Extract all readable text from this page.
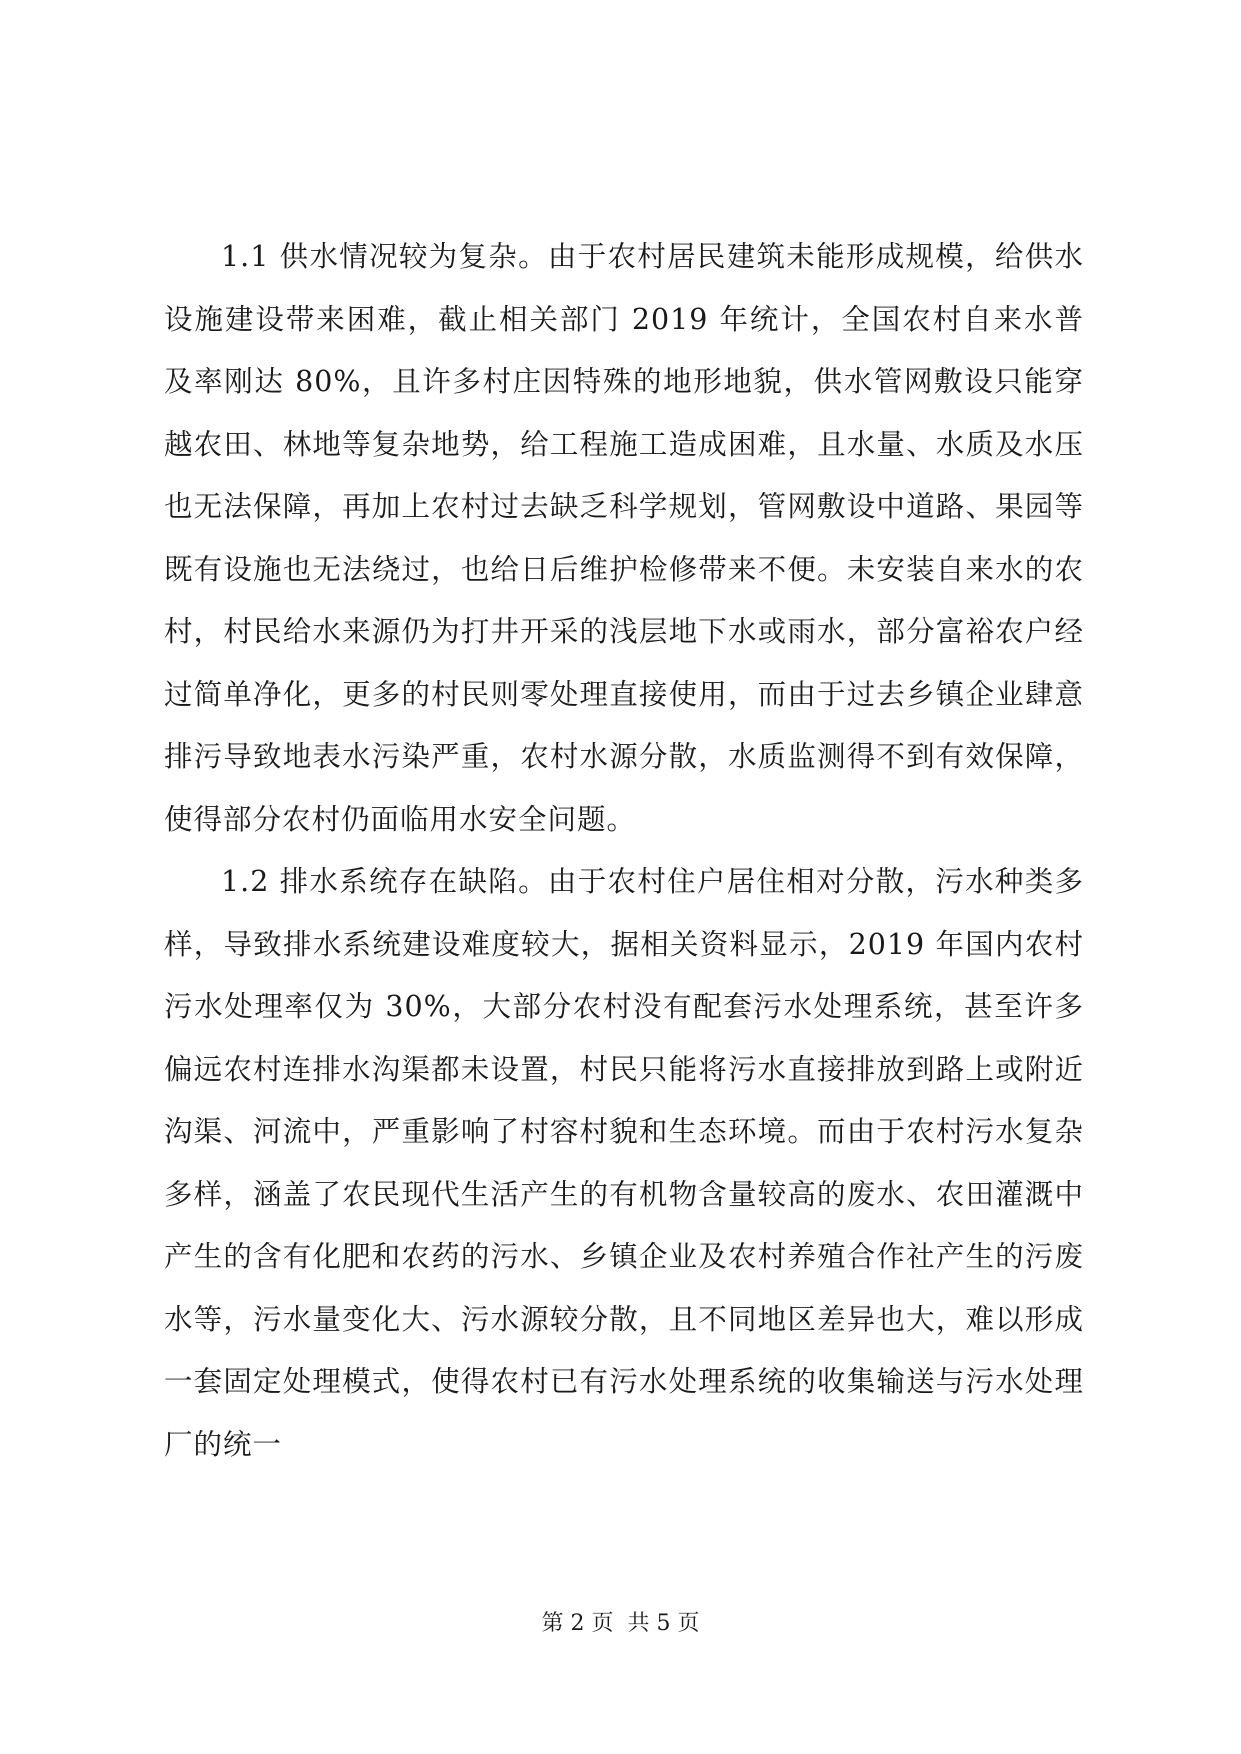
1.1 供水情况较为复杂。由于农村居民建筑未能形成规模，给供水设施建设带来困难，截止相关部门 2019 年统计，全国农村自来水普及率刚达 80%，且许多村庄因特殊的地形地貌，供水管网敷设只能穿越农田、林地等复杂地势，给工程施工造成困难，且水量、水质及水压也无法保障，再加上农村过去缺乏科学规划，管网敷设中道路、果园等既有设施也无法绕过，也给日后维护检修带来不便。未安装自来水的农村，村民给水来源仍为打井开采的浅层地下水或雨水，部分富裕农户经过简单净化，更多的村民则零处理直接使用，而由于过去乡镇企业肆意排污导致地表水污染严重，农村水源分散，水质监测得不到有效保障，使得部分农村仍面临用水安全问题。

1.2 排水系统存在缺陷。由于农村住户居住相对分散，污水种类多样，导致排水系统建设难度较大，据相关资料显示，2019 年国内农村污水处理率仅为 30%，大部分农村没有配套污水处理系统，甚至许多偏远农村连排水沟渠都未设置，村民只能将污水直接排放到路上或附近沟渠、河流中，严重影响了村容村貌和生态环境。而由于农村污水复杂多样，涵盖了农民现代生活产生的有机物含量较高的废水、农田灌溉中产生的含有化肥和农药的污水、乡镇企业及农村养殖合作社产生的污废水等，污水量变化大、污水源较分散，且不同地区差异也大，难以形成一套固定处理模式，使得农村已有污水处理系统的收集输送与污水处理厂的统一

第 2 页  共 5 页
